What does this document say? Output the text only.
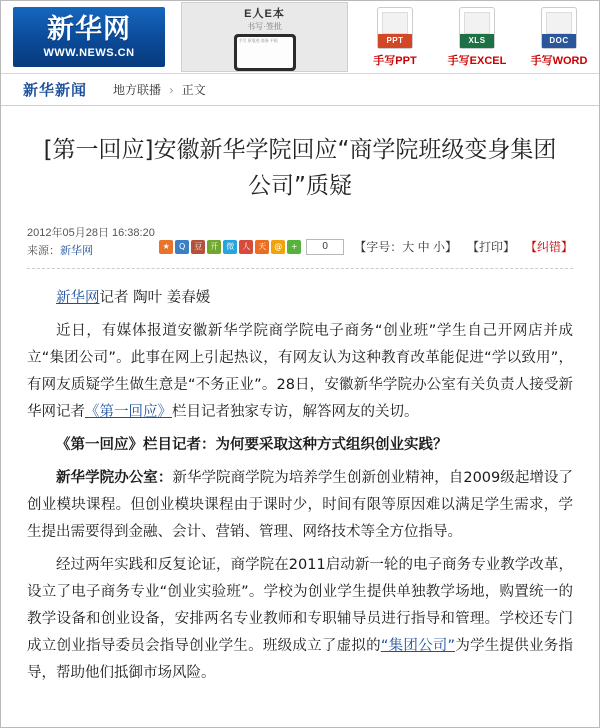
新华网
WWW.NEWS.CN
E人E本
书写·签批
手写 原笔迹 商务 平板	PPT
手写PPT
XLS
手写EXCEL
DOC
手写WORD
新华新闻 地方联播 › 正文
[第一回应]安徽新华学院回应“商学院班级变身集团公司”质疑
2012年05月28日 16:38:20
来源：新华网	★	Q	豆	开	微	人	天	@	+	0	【字号：大 中 小】 【打印】 【纠错】

新华网记者 陶叶 姜春媛

近日，有媒体报道安徽新华学院商学院电子商务“创业班”学生自己开网店并成立“集团公司”。此事在网上引起热议，有网友认为这种教育改革能促进“学以致用”，有网友质疑学生做生意是“不务正业”。28日，安徽新华学院办公室有关负责人接受新华网记者《第一回应》栏目记者独家专访，解答网友的关切。

《第一回应》栏目记者：为何要采取这种方式组织创业实践？

新华学院办公室：新华学院商学院为培养学生创新创业精神，自2009级起增设了创业模块课程。但创业模块课程由于课时少，时间有限等原因难以满足学生需求，学生提出需要得到金融、会计、营销、管理、网络技术等全方位指导。

经过两年实践和反复论证，商学院在2011启动新一轮的电子商务专业教学改革，设立了电子商务专业“创业实验班”。学校为创业学生提供单独教学场地，购置统一的教学设备和创业设备，安排两名专业教师和专职辅导员进行指导和管理。学校还专门成立创业指导委员会指导创业学生。班级成立了虚拟的“集团公司”为学生提供业务指导，帮助他们抵御市场风险。
